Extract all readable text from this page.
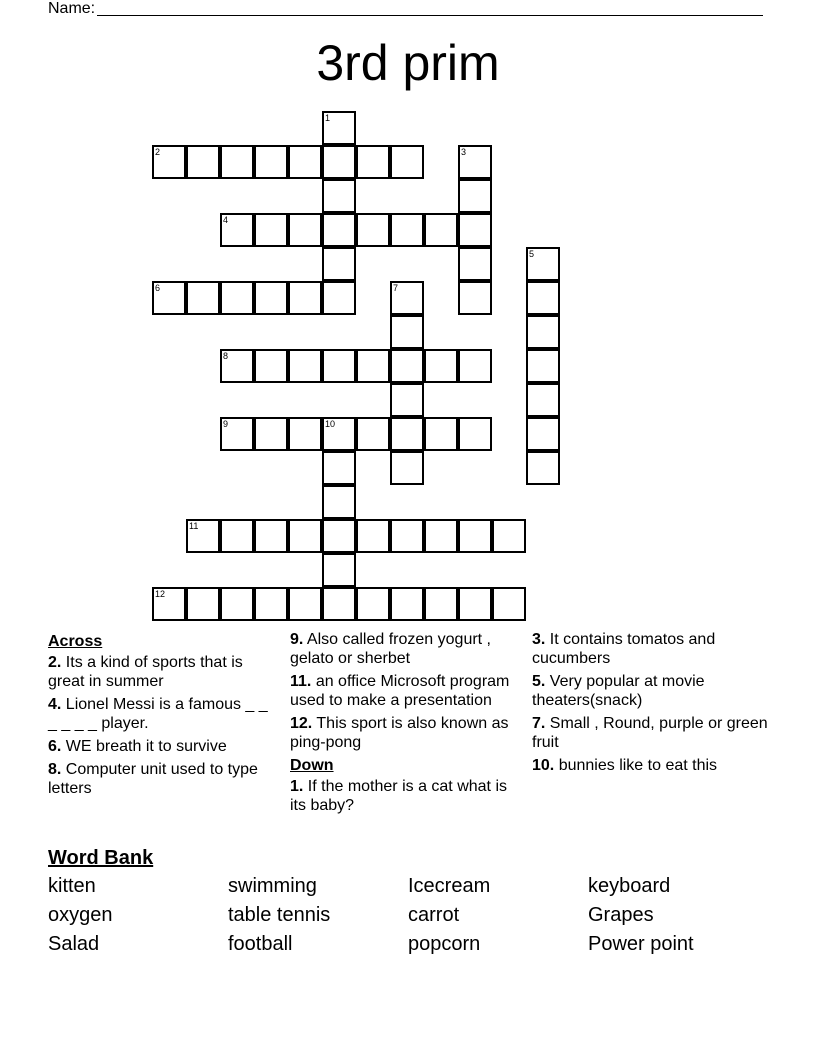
Name:
3rd prim
1
2	3
4
5
6	7
8
9	10
11
12
Across
2. Its a kind of sports that is great in summer
4. Lionel Messi is a famous _ _ _ _ _ _ player.
6. WE breath it to survive
8. Computer unit used to type letters
9. Also called frozen yogurt , gelato or sherbet
11. an office Microsoft program used to make a presentation
12. This sport is also known as ping-pong
Down
1. If the mother is a cat what is its baby?
3. It contains tomatos and cucumbers
5. Very popular at movie theaters(snack)
7. Small , Round, purple or green fruit
10. bunnies like to eat this
Word Bank
kitten	swimming	Icecream	keyboard
oxygen	table tennis	carrot	Grapes
Salad	football	popcorn	Power point
